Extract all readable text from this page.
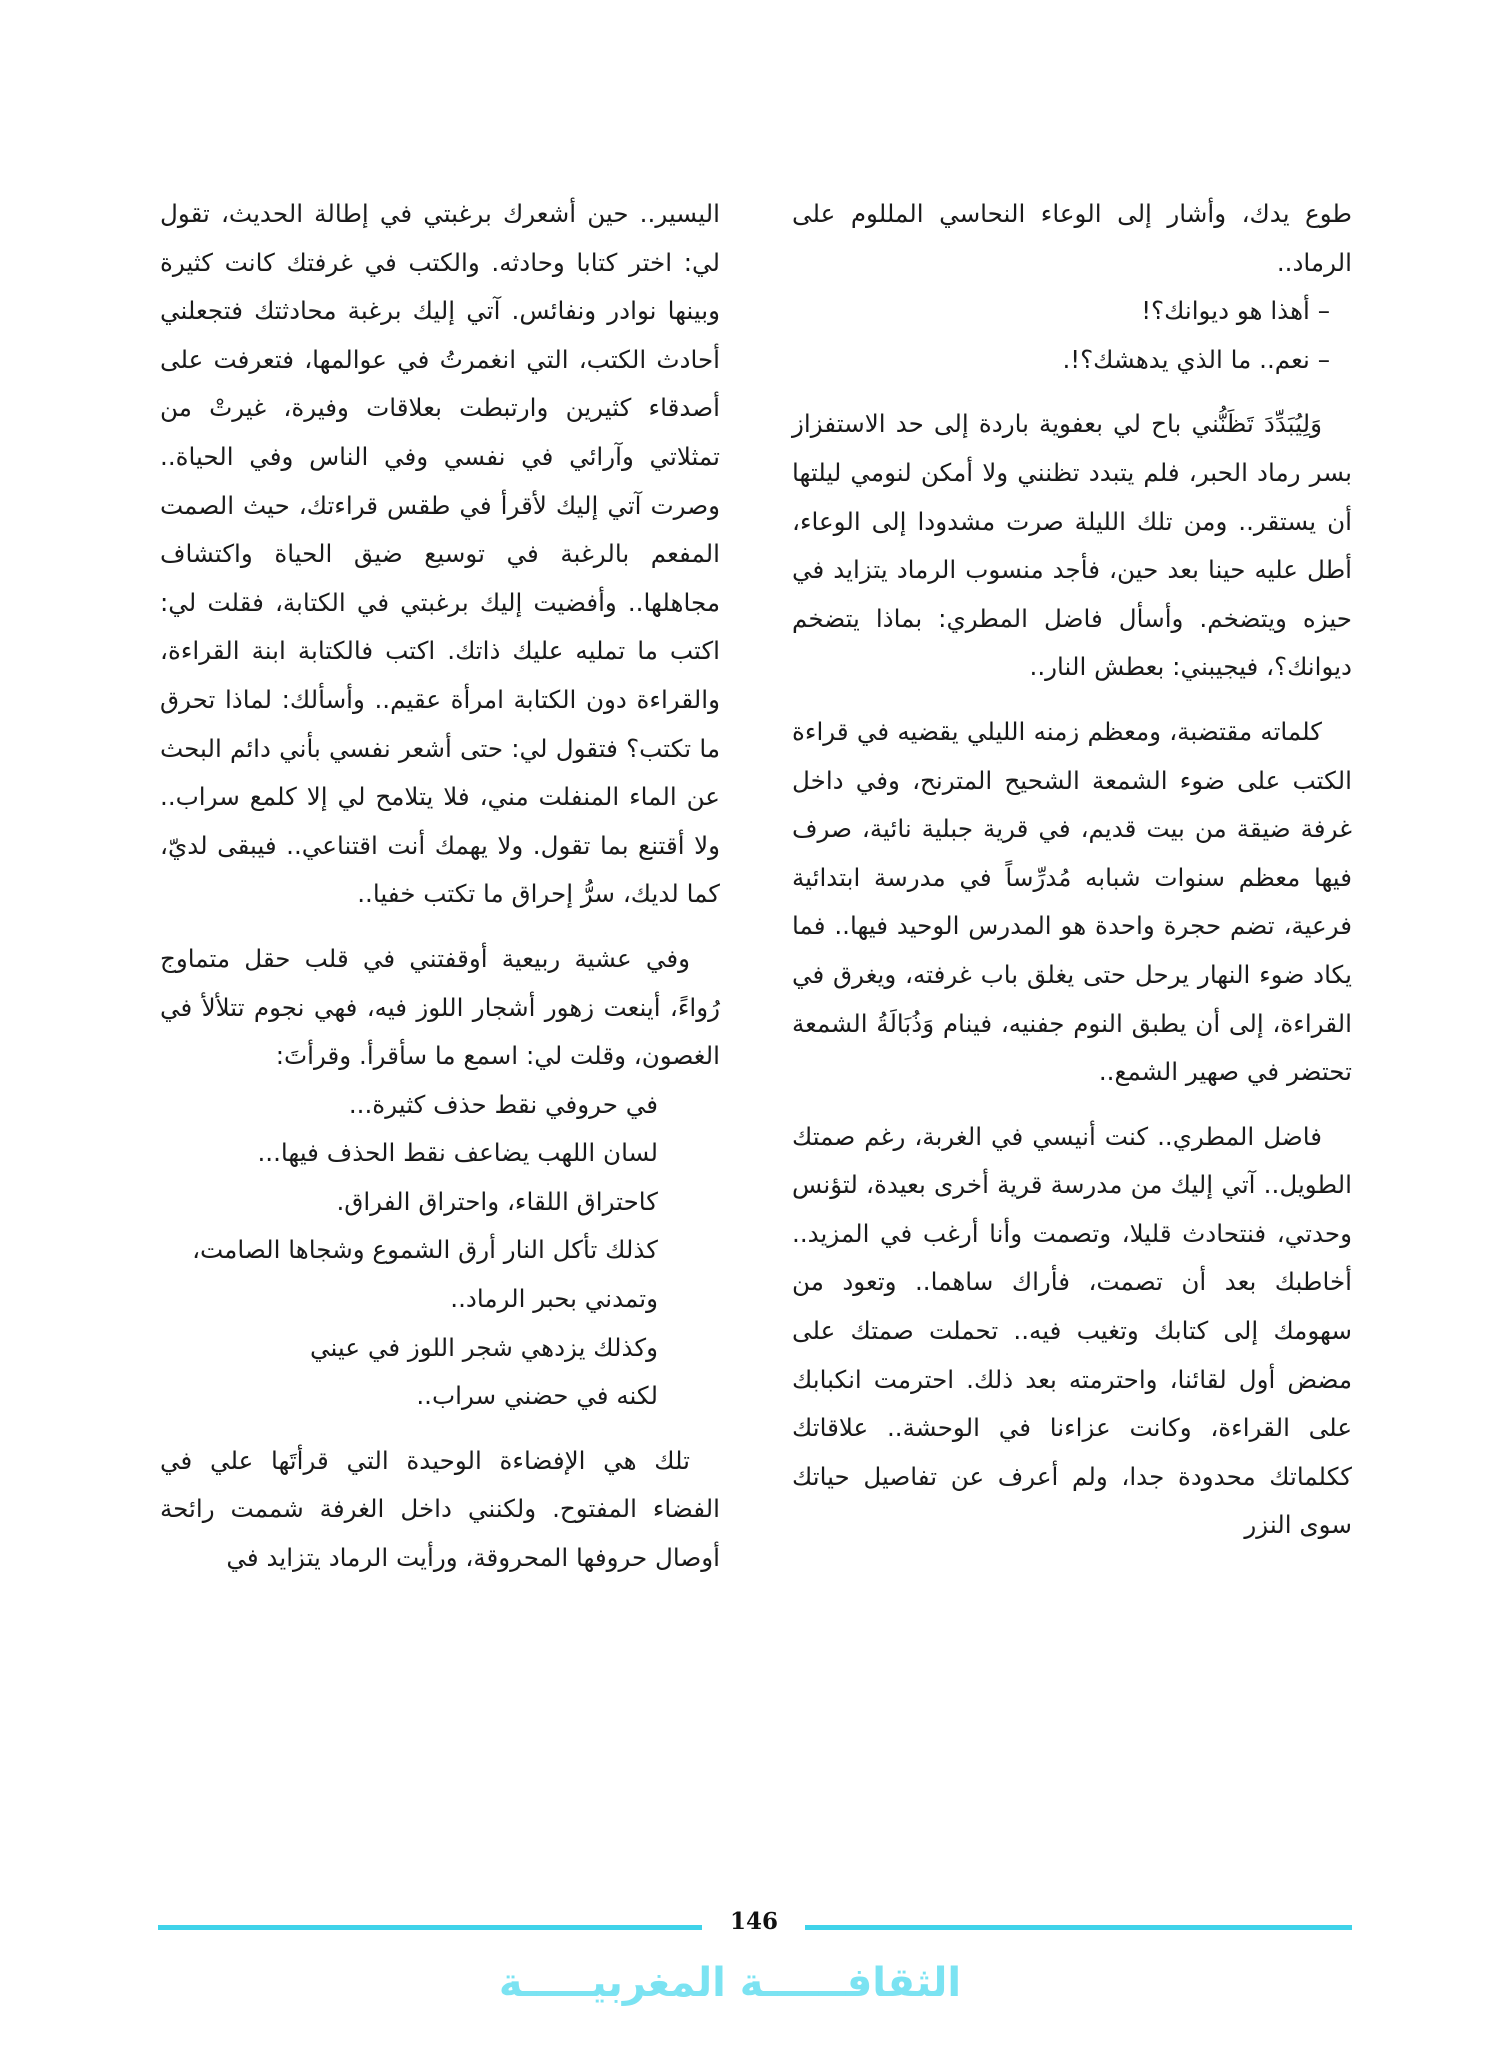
طوع يدك، وأشار إلى الوعاء النحاسي المللوم على الرماد..

– أهذا هو ديوانك؟!

– نعم.. ما الذي يدهشك؟!.

وَلِيُبَدِّدَ تَظَنُّني باح لي بعفوية باردة إلى حد الاستفزاز بسر رماد الحبر، فلم يتبدد تظنني ولا أمكن لنومي ليلتها أن يستقر.. ومن تلك الليلة صرت مشدودا إلى الوعاء، أطل عليه حينا بعد حين، فأجد منسوب الرماد يتزايد في حيزه ويتضخم. وأسأل فاضل المطري: بماذا يتضخم ديوانك؟، فيجيبني: بعطش النار..

كلماته مقتضبة، ومعظم زمنه الليلي يقضيه في قراءة الكتب على ضوء الشمعة الشحيح المترنح، وفي داخل غرفة ضيقة من بيت قديم، في قرية جبلية نائية، صرف فيها معظم سنوات شبابه مُدرِّساً في مدرسة ابتدائية فرعية، تضم حجرة واحدة هو المدرس الوحيد فيها.. فما يكاد ضوء النهار يرحل حتى يغلق باب غرفته، ويغرق في القراءة، إلى أن يطبق النوم جفنيه، فينام وَذُبَالَةُ الشمعة تحتضر في صهير الشمع..

فاضل المطري.. كنت أنيسي في الغربة، رغم صمتك الطويل.. آتي إليك من مدرسة قرية أخرى بعيدة، لتؤنس وحدتي، فنتحادث قليلا، وتصمت وأنا أرغب في المزيد.. أخاطبك بعد أن تصمت، فأراك ساهما.. وتعود من سهومك إلى كتابك وتغيب فيه.. تحملت صمتك على مضض أول لقائنا، واحترمته بعد ذلك. احترمت انكبابك على القراءة، وكانت عزاءنا في الوحشة.. علاقاتك ككلماتك محدودة جدا، ولم أعرف عن تفاصيل حياتك سوى النزر

اليسير.. حين أشعرك برغبتي في إطالة الحديث، تقول لي: اختر كتابا وحادثه. والكتب في غرفتك كانت كثيرة وبينها نوادر ونفائس. آتي إليك برغبة محادثتك فتجعلني أحادث الكتب، التي انغمرتُ في عوالمها، فتعرفت على أصدقاء كثيرين وارتبطت بعلاقات وفيرة، غيرتْ من تمثلاتي وآرائي في نفسي وفي الناس وفي الحياة.. وصرت آتي إليك لأقرأ في طقس قراءتك، حيث الصمت المفعم بالرغبة في توسيع ضيق الحياة واكتشاف مجاهلها.. وأفضيت إليك برغبتي في الكتابة، فقلت لي: اكتب ما تمليه عليك ذاتك. اكتب فالكتابة ابنة القراءة، والقراءة دون الكتابة امرأة عقيم.. وأسألك: لماذا تحرق ما تكتب؟ فتقول لي: حتى أشعر نفسي بأني دائم البحث عن الماء المنفلت مني، فلا يتلامح لي إلا كلمع سراب.. ولا أقتنع بما تقول. ولا يهمك أنت اقتناعي.. فيبقى لديّ، كما لديك، سرُّ إحراق ما تكتب خفيا..

وفي عشية ربيعية أوقفتني في قلب حقل متماوج رُواءً، أينعت زهور أشجار اللوز فيه، فهي نجوم تتلألأ في الغصون، وقلت لي: اسمع ما سأقرأ. وقرأتَ:

في حروفي نقط حذف كثيرة...

لسان اللهب يضاعف نقط الحذف فيها...

كاحتراق اللقاء، واحتراق الفراق.

كذلك تأكل النار أرق الشموع وشجاها الصامت،

وتمدني بحبر الرماد..

وكذلك يزدهي شجر اللوز في عيني

لكنه في حضني سراب..

تلك هي الإفضاءة الوحيدة التي قرأتَها علي في الفضاء المفتوح. ولكنني داخل الغرفة شممت رائحة أوصال حروفها المحروقة، ورأيت الرماد يتزايد في

146
الثقافــــــة المغربيـــــة
